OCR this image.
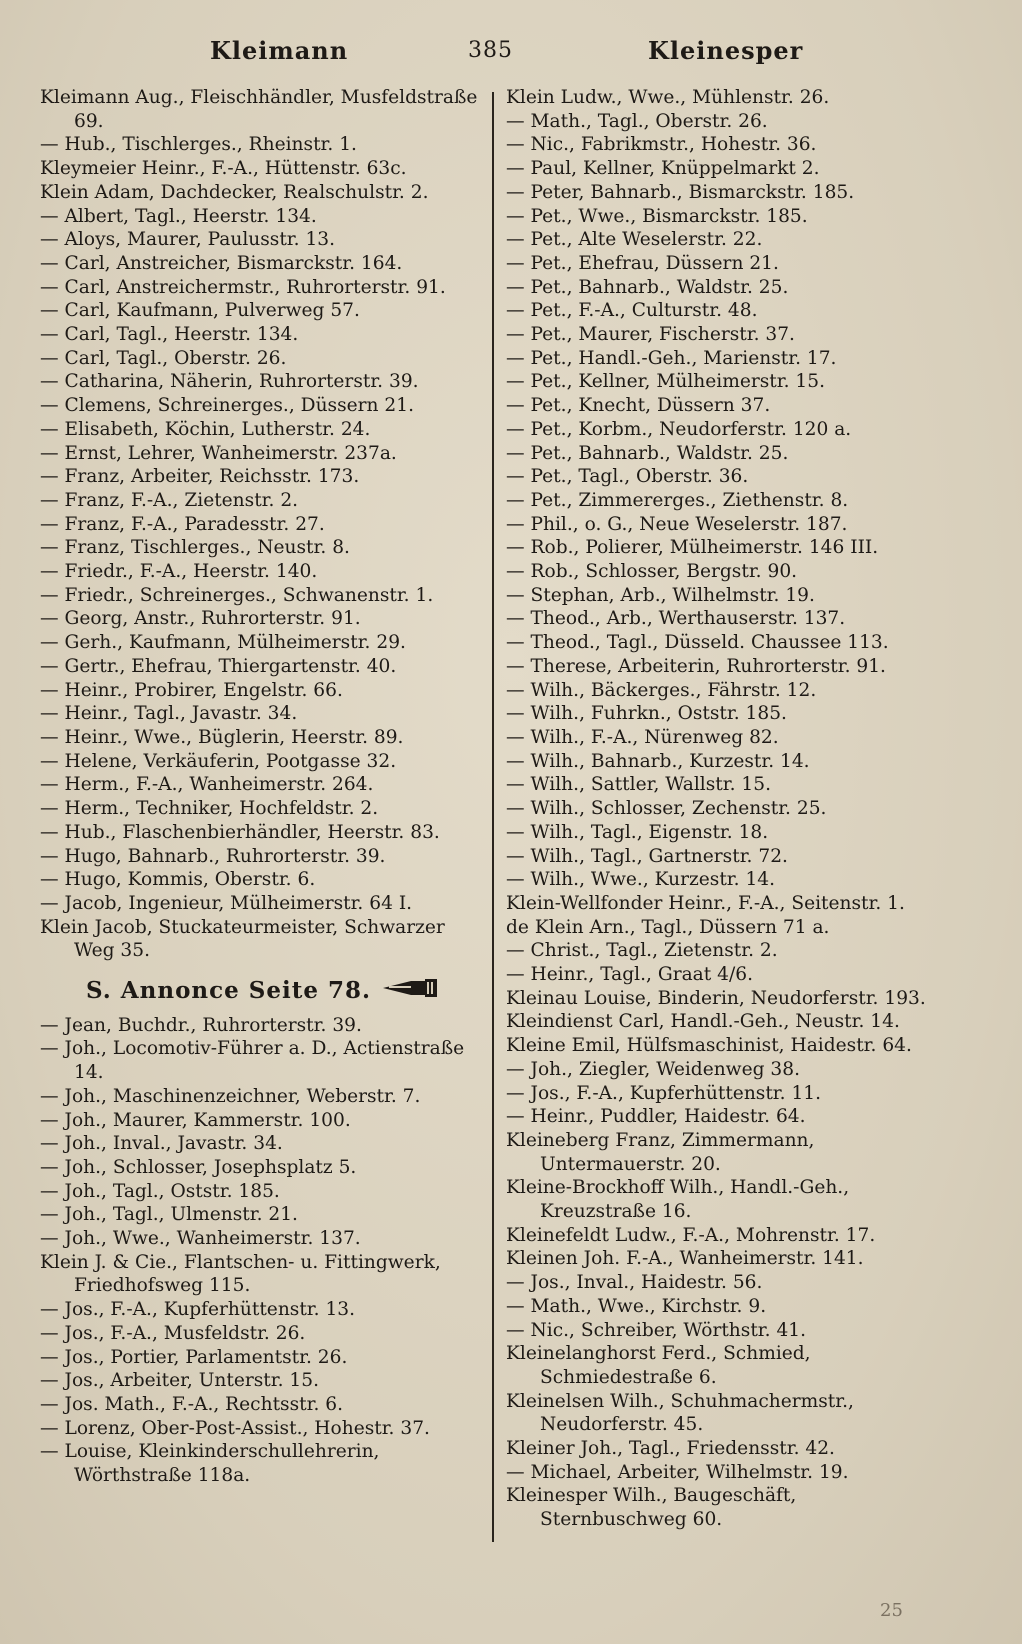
Kleimann	385	Kleinesper
Kleimann Aug., Fleischhändler, Musfeldstraße 69.
— Hub., Tischlerges., Rheinstr. 1.
Kleymeier Heinr., F.-A., Hüttenstr. 63c.
Klein Adam, Dachdecker, Realschulstr. 2.
— Albert, Tagl., Heerstr. 134.
— Aloys, Maurer, Paulusstr. 13.
— Carl, Anstreicher, Bismarckstr. 164.
— Carl, Anstreichermstr., Ruhrorterstr. 91.
— Carl, Kaufmann, Pulverweg 57.
— Carl, Tagl., Heerstr. 134.
— Carl, Tagl., Oberstr. 26.
— Catharina, Näherin, Ruhrorterstr. 39.
— Clemens, Schreinerges., Düssern 21.
— Elisabeth, Köchin, Lutherstr. 24.
— Ernst, Lehrer, Wanheimerstr. 237a.
— Franz, Arbeiter, Reichsstr. 173.
— Franz, F.-A., Zietenstr. 2.
— Franz, F.-A., Paradesstr. 27.
— Franz, Tischlerges., Neustr. 8.
— Friedr., F.-A., Heerstr. 140.
— Friedr., Schreinerges., Schwanenstr. 1.
— Georg, Anstr., Ruhrorterstr. 91.
— Gerh., Kaufmann, Mülheimerstr. 29.
— Gertr., Ehefrau, Thiergartenstr. 40.
— Heinr., Probirer, Engelstr. 66.
— Heinr., Tagl., Javastr. 34.
— Heinr., Wwe., Büglerin, Heerstr. 89.
— Helene, Verkäuferin, Pootgasse 32.
— Herm., F.-A., Wanheimerstr. 264.
— Herm., Techniker, Hochfeldstr. 2.
— Hub., Flaschenbierhändler, Heerstr. 83.
— Hugo, Bahnarb., Ruhrorterstr. 39.
— Hugo, Kommis, Oberstr. 6.
— Jacob, Ingenieur, Mülheimerstr. 64 I.
Klein Jacob, Stuckateurmeister, Schwarzer Weg 35.
S. Annonce Seite 78.
— Jean, Buchdr., Ruhrorterstr. 39.
— Joh., Locomotiv-Führer a. D., Actienstraße 14.
— Joh., Maschinenzeichner, Weberstr. 7.
— Joh., Maurer, Kammerstr. 100.
— Joh., Inval., Javastr. 34.
— Joh., Schlosser, Josephsplatz 5.
— Joh., Tagl., Oststr. 185.
— Joh., Tagl., Ulmenstr. 21.
— Joh., Wwe., Wanheimerstr. 137.
Klein J. & Cie., Flantschen- u. Fittingwerk, Friedhofsweg 115.
— Jos., F.-A., Kupferhüttenstr. 13.
— Jos., F.-A., Musfeldstr. 26.
— Jos., Portier, Parlamentstr. 26.
— Jos., Arbeiter, Unterstr. 15.
— Jos. Math., F.-A., Rechtsstr. 6.
— Lorenz, Ober-Post-Assist., Hohestr. 37.
— Louise, Kleinkinderschullehrerin, Wörthstraße 118a.
Klein Ludw., Wwe., Mühlenstr. 26.
— Math., Tagl., Oberstr. 26.
— Nic., Fabrikmstr., Hohestr. 36.
— Paul, Kellner, Knüppelmarkt 2.
— Peter, Bahnarb., Bismarckstr. 185.
— Pet., Wwe., Bismarckstr. 185.
— Pet., Alte Weselerstr. 22.
— Pet., Ehefrau, Düssern 21.
— Pet., Bahnarb., Waldstr. 25.
— Pet., F.-A., Culturstr. 48.
— Pet., Maurer, Fischerstr. 37.
— Pet., Handl.-Geh., Marienstr. 17.
— Pet., Kellner, Mülheimerstr. 15.
— Pet., Knecht, Düssern 37.
— Pet., Korbm., Neudorferstr. 120 a.
— Pet., Bahnarb., Waldstr. 25.
— Pet., Tagl., Oberstr. 36.
— Pet., Zimmererges., Ziethenstr. 8.
— Phil., o. G., Neue Weselerstr. 187.
— Rob., Polierer, Mülheimerstr. 146 III.
— Rob., Schlosser, Bergstr. 90.
— Stephan, Arb., Wilhelmstr. 19.
— Theod., Arb., Werthauserstr. 137.
— Theod., Tagl., Düsseld. Chaussee 113.
— Therese, Arbeiterin, Ruhrorterstr. 91.
— Wilh., Bäckerges., Fährstr. 12.
— Wilh., Fuhrkn., Oststr. 185.
— Wilh., F.-A., Nürenweg 82.
— Wilh., Bahnarb., Kurzestr. 14.
— Wilh., Sattler, Wallstr. 15.
— Wilh., Schlosser, Zechenstr. 25.
— Wilh., Tagl., Eigenstr. 18.
— Wilh., Tagl., Gartnerstr. 72.
— Wilh., Wwe., Kurzestr. 14.
Klein-Wellfonder Heinr., F.-A., Seitenstr. 1.
de Klein Arn., Tagl., Düssern 71 a.
— Christ., Tagl., Zietenstr. 2.
— Heinr., Tagl., Graat 4/6.
Kleinau Louise, Binderin, Neudorferstr. 193.
Kleindienst Carl, Handl.-Geh., Neustr. 14.
Kleine Emil, Hülfsmaschinist, Haidestr. 64.
— Joh., Ziegler, Weidenweg 38.
— Jos., F.-A., Kupferhüttenstr. 11.
— Heinr., Puddler, Haidestr. 64.
Kleineberg Franz, Zimmermann, Untermauerstr. 20.
Kleine-Brockhoff Wilh., Handl.-Geh., Kreuzstraße 16.
Kleinefeldt Ludw., F.-A., Mohrenstr. 17.
Kleinen Joh. F.-A., Wanheimerstr. 141.
— Jos., Inval., Haidestr. 56.
— Math., Wwe., Kirchstr. 9.
— Nic., Schreiber, Wörthstr. 41.
Kleinelanghorst Ferd., Schmied, Schmiedestraße 6.
Kleinelsen Wilh., Schuhmachermstr., Neudorferstr. 45.
Kleiner Joh., Tagl., Friedensstr. 42.
— Michael, Arbeiter, Wilhelmstr. 19.
Kleinesper Wilh., Baugeschäft, Sternbuschweg 60.
25
